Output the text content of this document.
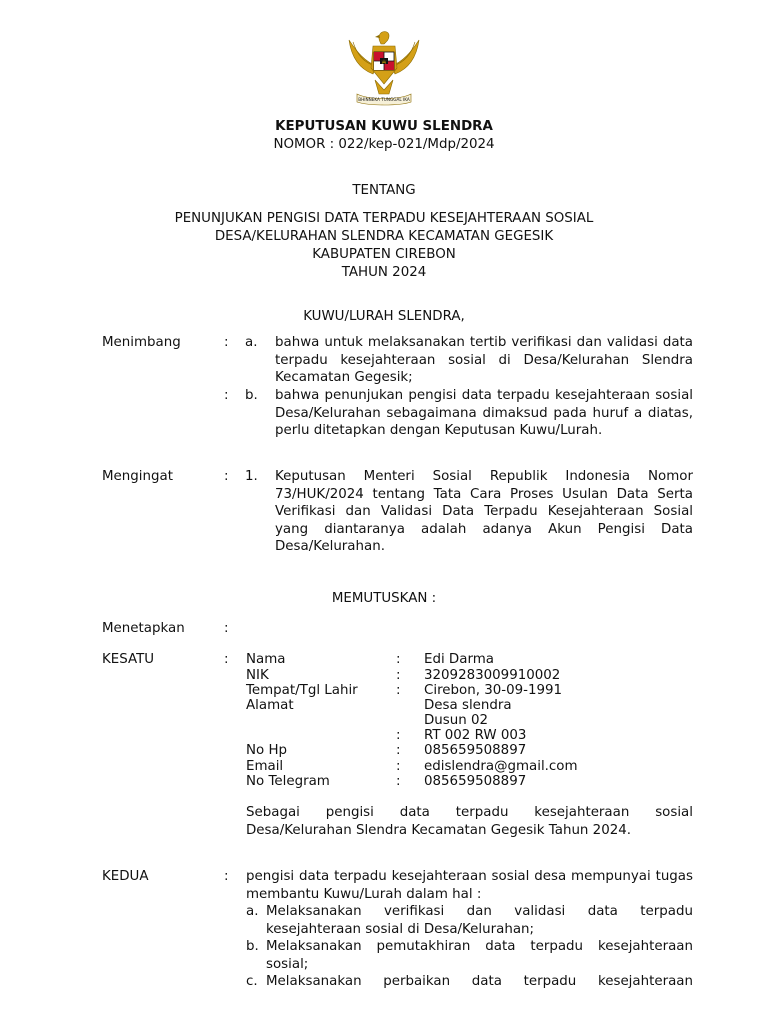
BHINNEKA TUNGGAL IKA
KEPUTUSAN KUWU SLENDRA
NOMOR : 022/kep-021/Mdp/2024
TENTANG
PENUNJUKAN PENGISI DATA TERPADU KESEJAHTERAAN SOSIAL
DESA/KELURAHAN SLENDRA KECAMATAN GEGESIK
KABUPATEN CIREBON
TAHUN 2024
KUWU/LURAH SLENDRA,
Menimbang	: a. bahwa untuk melaksanakan tertib verifikasi dan validasi data terpadu kesejahteraan sosial di Desa/Kelurahan Slendra Kecamatan Gegesik;
: b. bahwa penunjukan pengisi data terpadu kesejahteraan sosial Desa/Kelurahan sebagaimana dimaksud pada huruf a diatas, perlu ditetapkan dengan Keputusan Kuwu/Lurah.
Mengingat	: 1. Keputusan Menteri Sosial Republik Indonesia Nomor 73/HUK/2024 tentang Tata Cara Proses Usulan Data Serta Verifikasi dan Validasi Data Terpadu Kesejahteraan Sosial yang diantaranya adalah adanya Akun Pengisi Data Desa/Kelurahan.
MEMUTUSKAN :
Menetapkan	:
KESATU	: Nama	: Edi Darma
NIK	: 3209283009910002
Tempat/Tgl Lahir	: Cirebon, 30-09-1991
Alamat	Desa slendra
Dusun 02
: RT 002 RW 003
No Hp	: 085659508897
Email	: edislendra@gmail.com
No Telegram	: 085659508897
Sebagai pengisi data terpadu kesejahteraan sosial Desa/Kelurahan Slendra Kecamatan Gegesik Tahun 2024.
KEDUA	: pengisi data terpadu kesejahteraan sosial desa mempunyai tugas membantu Kuwu/Lurah dalam hal :
a. Melaksanakan verifikasi dan validasi data terpadu kesejahteraan sosial di Desa/Kelurahan;
b. Melaksanakan pemutakhiran data terpadu kesejahteraan sosial;
c. Melaksanakan perbaikan data terpadu kesejahteraan
